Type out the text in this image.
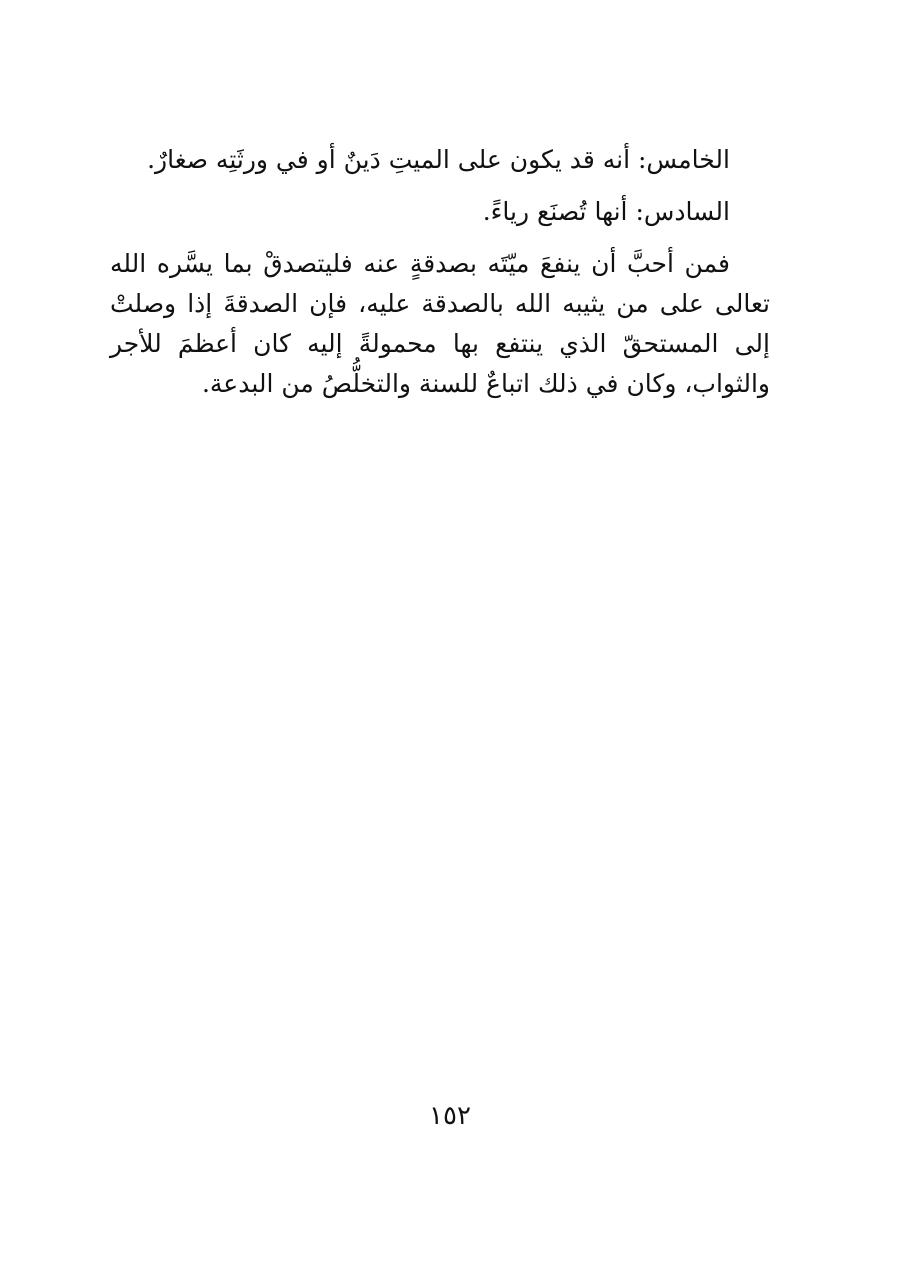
الخامس: أنه قد يكون على الميتِ دَينٌ أو في ورثَتِه صغارٌ.

السادس: أنها تُصنَع رياءً.

فمن أحبَّ أن ينفعَ ميّتَه بصدقةٍ عنه فليتصدقْ بما يسَّره الله تعالى على من يثيبه الله بالصدقة عليه، فإن الصدقةَ إذا وصلتْ إلى المستحقّ الذي ينتفع بها محمولةً إليه كان أعظمَ للأجر والثواب، وكان في ذلك اتباعٌ للسنة والتخلُّصُ من البدعة.

١٥٢
